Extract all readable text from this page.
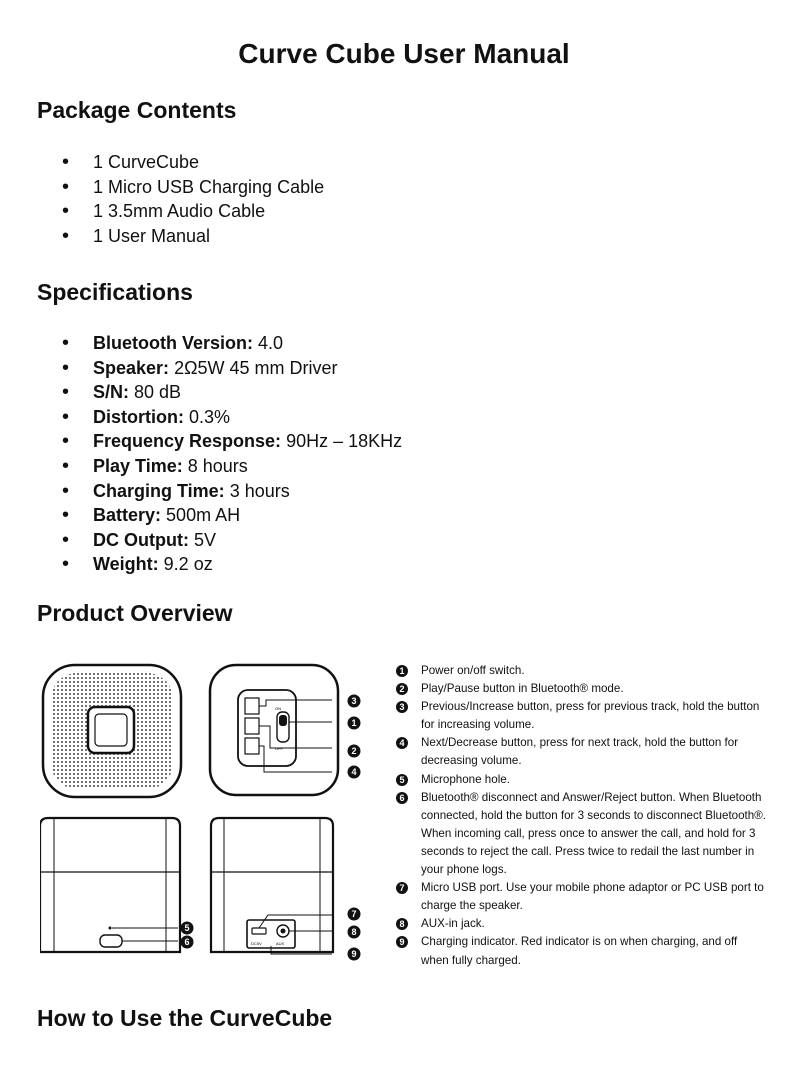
Curve Cube User Manual
Package Contents
• 1 CurveCube
• 1 Micro USB Charging Cable
• 1 3.5mm Audio Cable
• 1 User Manual
Specifications
• Bluetooth Version: 4.0
• Speaker: 2Ω5W 45 mm Driver
• S/N: 80 dB
• Distortion: 0.3%
• Frequency Response: 90Hz – 18KHz
• Play Time: 8 hours
• Charging Time: 3 hours
• Battery: 500m AH
• DC Output: 5V
• Weight: 9.2 oz
Product Overview
ON
OFF
DC5V	AUX
3
1
2
4
7
5
6
8
9
1	Power on/off switch.
2	Play/Pause button in Bluetooth® mode.
3	Previous/Increase button, press for previous track, hold the button for increasing volume.
4	Next/Decrease button, press for next track, hold the button for decreasing volume.
5	Microphone hole.
6	Bluetooth® disconnect and Answer/Reject button. When Bluetooth connected, hold the button for 3 seconds to disconnect Bluetooth®. When incoming call, press once to answer the call, and hold for 3 seconds to reject the call. Press twice to redail the last number in your phone logs.
7	Micro USB port. Use your mobile phone adaptor or PC USB port to charge the speaker.
8	AUX-in jack.
9	Charging indicator. Red indicator is on when charging, and off when fully charged.
How to Use the CurveCube
